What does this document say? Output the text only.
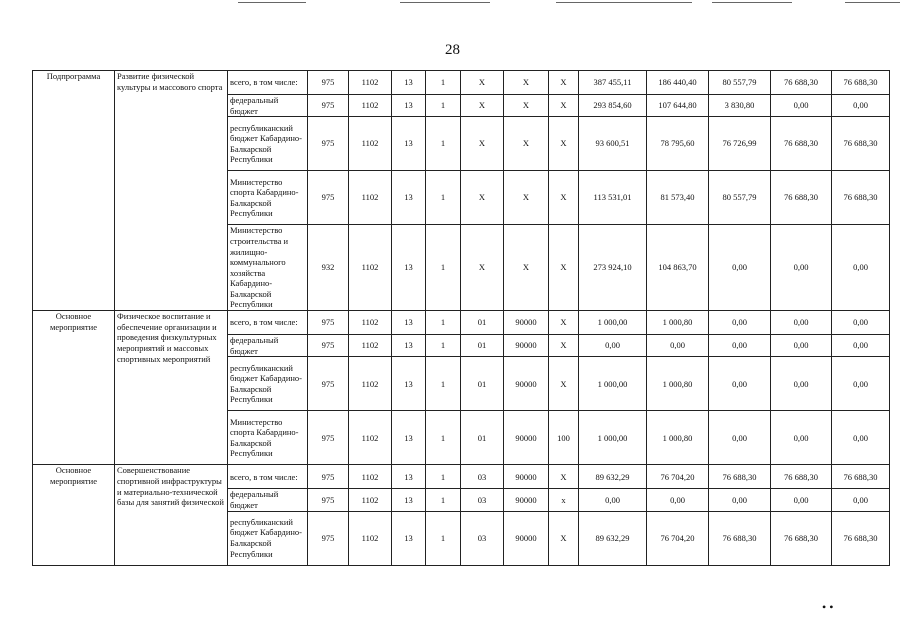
28
Подпрограмма	Развитие физической культуры и массового спорта	всего, в том числе:	975	1102	13	1	X	X	X	387 455,11	186 440,40	80 557,79	76 688,30	76 688,30
		федеральный бюджет	975	1102	13	1	X	X	X	293 854,60	107 644,80	3 830,80	0,00	0,00
		республиканский бюджет Кабардино-Балкарской Республики	975	1102	13	1	X	X	X	93 600,51	78 795,60	76 726,99	76 688,30	76 688,30
		Министерство спорта Кабардино-Балкарской Республики	975	1102	13	1	X	X	X	113 531,01	81 573,40	80 557,79	76 688,30	76 688,30
		Министерство строительства и жилищно-коммунального хозяйства Кабардино-Балкарской Республики	932	1102	13	1	X	X	X	273 924,10	104 863,70	0,00	0,00	0,00
Основное мероприятие	Физическое воспитание и обеспечение организации и проведения физкультурных мероприятий и массовых спортивных мероприятий	всего, в том числе:	975	1102	13	1	01	90000	X	1 000,00	1 000,80	0,00	0,00	0,00
		федеральный бюджет	975	1102	13	1	01	90000	X	0,00	0,00	0,00	0,00	0,00
		республиканский бюджет Кабардино-Балкарской Республики	975	1102	13	1	01	90000	X	1 000,00	1 000,80	0,00	0,00	0,00
		Министерство спорта Кабардино-Балкарской Республики	975	1102	13	1	01	90000	100	1 000,00	1 000,80	0,00	0,00	0,00
Основное мероприятие	Совершенствование спортивной инфраструктуры и материально-технической базы для занятий физической	всего, в том числе:	975	1102	13	1	03	90000	X	89 632,29	76 704,20	76 688,30	76 688,30	76 688,30
		федеральный бюджет	975	1102	13	1	03	90000	x	0,00	0,00	0,00	0,00	0,00
		республиканский бюджет Кабардино-Балкарской Республики	975	1102	13	1	03	90000	X	89 632,29	76 704,20	76 688,30	76 688,30	76 688,30
• •
